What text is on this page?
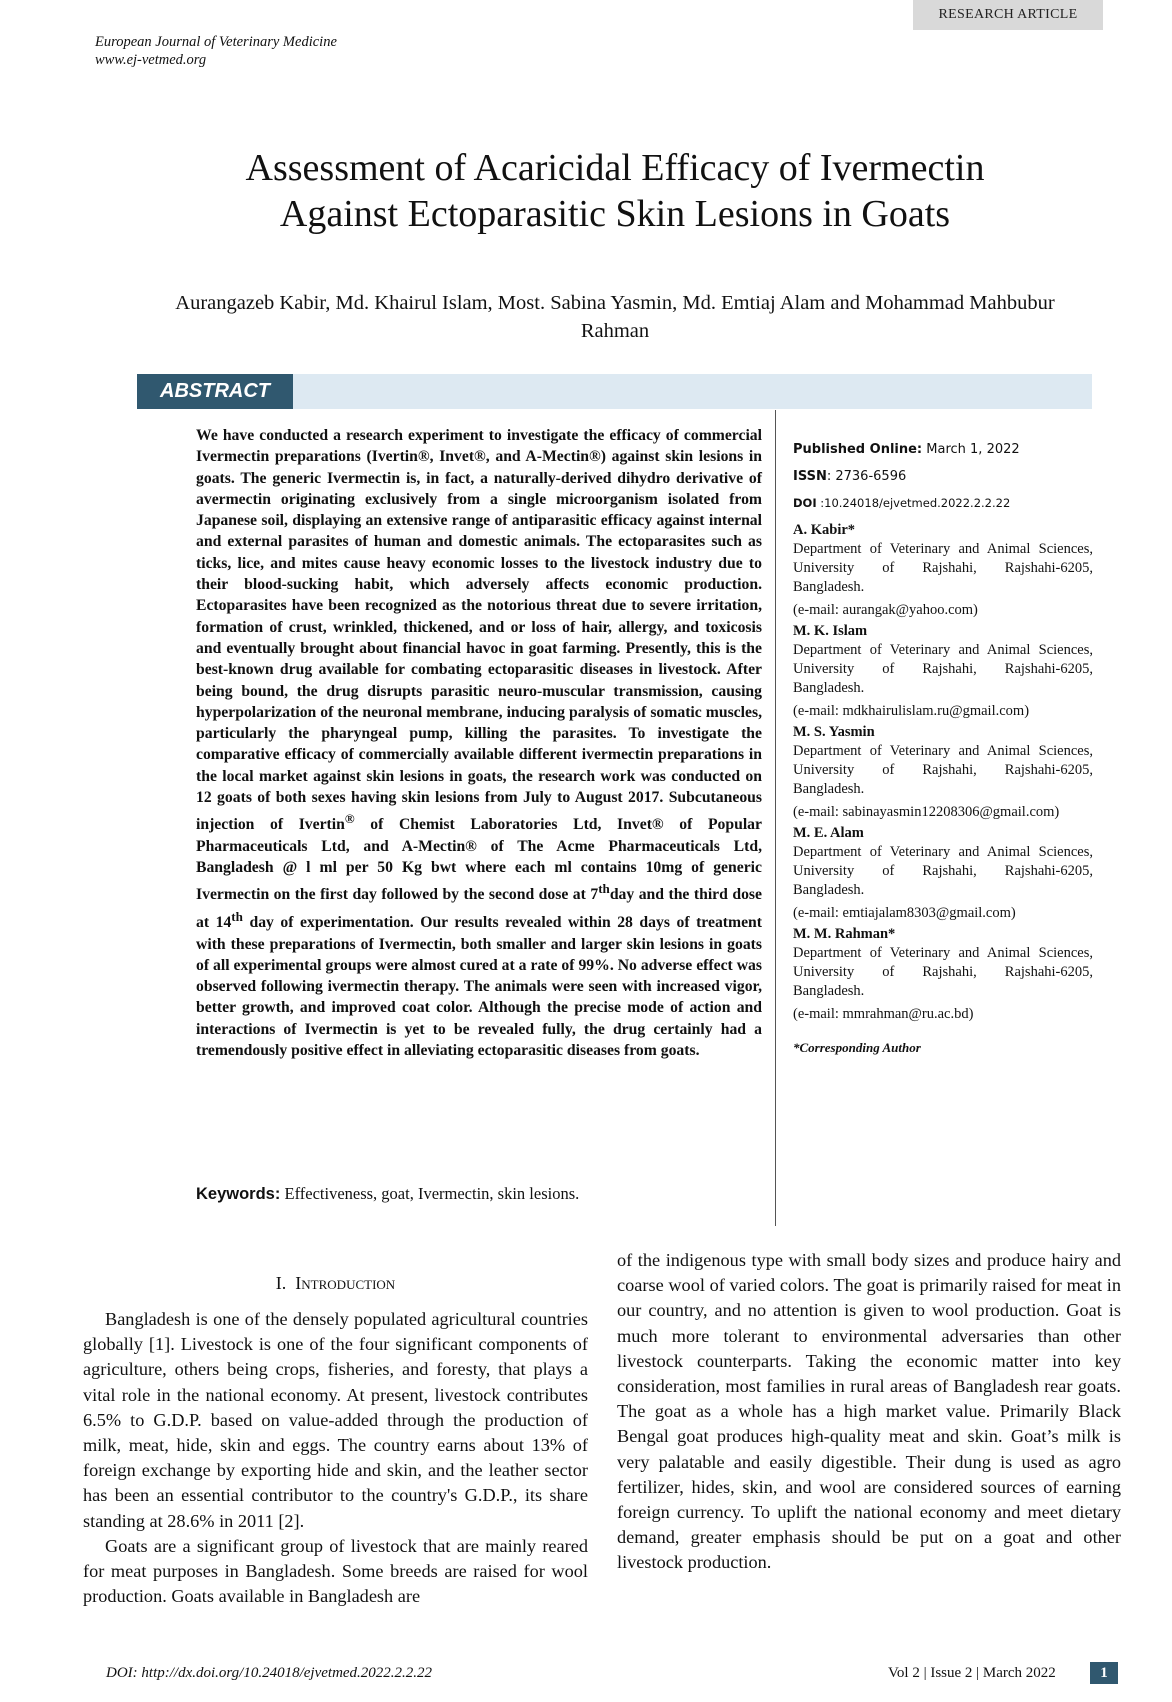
RESEARCH ARTICLE
European Journal of Veterinary Medicine
www.ej-vetmed.org
Assessment of Acaricidal Efficacy of Ivermectin
Against Ectoparasitic Skin Lesions in Goats
Aurangazeb Kabir, Md. Khairul Islam, Most. Sabina Yasmin, Md. Emtiaj Alam and Mohammad Mahbubur Rahman
ABSTRACT
We have conducted a research experiment to investigate the efficacy of commercial Ivermectin preparations (Ivertin®, Invet®, and A-Mectin®) against skin lesions in goats. The generic Ivermectin is, in fact, a naturally-derived dihydro derivative of avermectin originating exclusively from a single microorganism isolated from Japanese soil, displaying an extensive range of antiparasitic efficacy against internal and external parasites of human and domestic animals. The ectoparasites such as ticks, lice, and mites cause heavy economic losses to the livestock industry due to their blood-sucking habit, which adversely affects economic production. Ectoparasites have been recognized as the notorious threat due to severe irritation, formation of crust, wrinkled, thickened, and or loss of hair, allergy, and toxicosis and eventually brought about financial havoc in goat farming. Presently, this is the best-known drug available for combating ectoparasitic diseases in livestock. After being bound, the drug disrupts parasitic neuro-muscular transmission, causing hyperpolarization of the neuronal membrane, inducing paralysis of somatic muscles, particularly the pharyngeal pump, killing the parasites. To investigate the comparative efficacy of commercially available different ivermectin preparations in the local market against skin lesions in goats, the research work was conducted on 12 goats of both sexes having skin lesions from July to August 2017. Subcutaneous injection of Ivertin® of Chemist Laboratories Ltd, Invet® of Popular Pharmaceuticals Ltd, and A-Mectin® of The Acme Pharmaceuticals Ltd, Bangladesh @ l ml per 50 Kg bwt where each ml contains 10mg of generic Ivermectin on the first day followed by the second dose at 7thday and the third dose at 14th day of experimentation. Our results revealed within 28 days of treatment with these preparations of Ivermectin, both smaller and larger skin lesions in goats of all experimental groups were almost cured at a rate of 99%. No adverse effect was observed following ivermectin therapy. The animals were seen with increased vigor, better growth, and improved coat color. Although the precise mode of action and interactions of Ivermectin is yet to be revealed fully, the drug certainly had a tremendously positive effect in alleviating ectoparasitic diseases from goats.
Keywords: Effectiveness, goat, Ivermectin, skin lesions.

Published Online: March 1, 2022

ISSN: 2736-6596

DOI :10.24018/ejvetmed.2022.2.2.22

A. Kabir*
Department of Veterinary and Animal Sciences, University of Rajshahi, Rajshahi-6205, Bangladesh.
(e-mail: aurangak@yahoo.com)
M. K. Islam
Department of Veterinary and Animal Sciences, University of Rajshahi, Rajshahi-6205, Bangladesh.
(e-mail: mdkhairulislam.ru@gmail.com)
M. S. Yasmin
Department of Veterinary and Animal Sciences, University of Rajshahi, Rajshahi-6205, Bangladesh.
(e-mail: sabinayasmin12208306@gmail.com)
M. E. Alam
Department of Veterinary and Animal Sciences, University of Rajshahi, Rajshahi-6205, Bangladesh.
(e-mail: emtiajalam8303@gmail.com)
M. M. Rahman*
Department of Veterinary and Animal Sciences, University of Rajshahi, Rajshahi-6205, Bangladesh.
(e-mail: mmrahman@ru.ac.bd)
*Corresponding Author
I. Introduction

Bangladesh is one of the densely populated agricultural countries globally [1]. Livestock is one of the four significant components of agriculture, others being crops, fisheries, and foresty, that plays a vital role in the national economy. At present, livestock contributes 6.5% to G.D.P. based on value-added through the production of milk, meat, hide, skin and eggs. The country earns about 13% of foreign exchange by exporting hide and skin, and the leather sector has been an essential contributor to the country's G.D.P., its share standing at 28.6% in 2011 [2].

Goats are a significant group of livestock that are mainly reared for meat purposes in Bangladesh. Some breeds are raised for wool production. Goats available in Bangladesh are

of the indigenous type with small body sizes and produce hairy and coarse wool of varied colors. The goat is primarily raised for meat in our country, and no attention is given to wool production. Goat is much more tolerant to environmental adversaries than other livestock counterparts. Taking the economic matter into key consideration, most families in rural areas of Bangladesh rear goats. The goat as a whole has a high market value. Primarily Black Bengal goat produces high-quality meat and skin. Goat’s milk is very palatable and easily digestible. Their dung is used as agro fertilizer, hides, skin, and wool are considered sources of earning foreign currency. To uplift the national economy and meet dietary demand, greater emphasis should be put on a goat and other livestock production.

DOI: http://dx.doi.org/10.24018/ejvetmed.2022.2.2.22	Vol 2 | Issue 2 | March 2022	1
